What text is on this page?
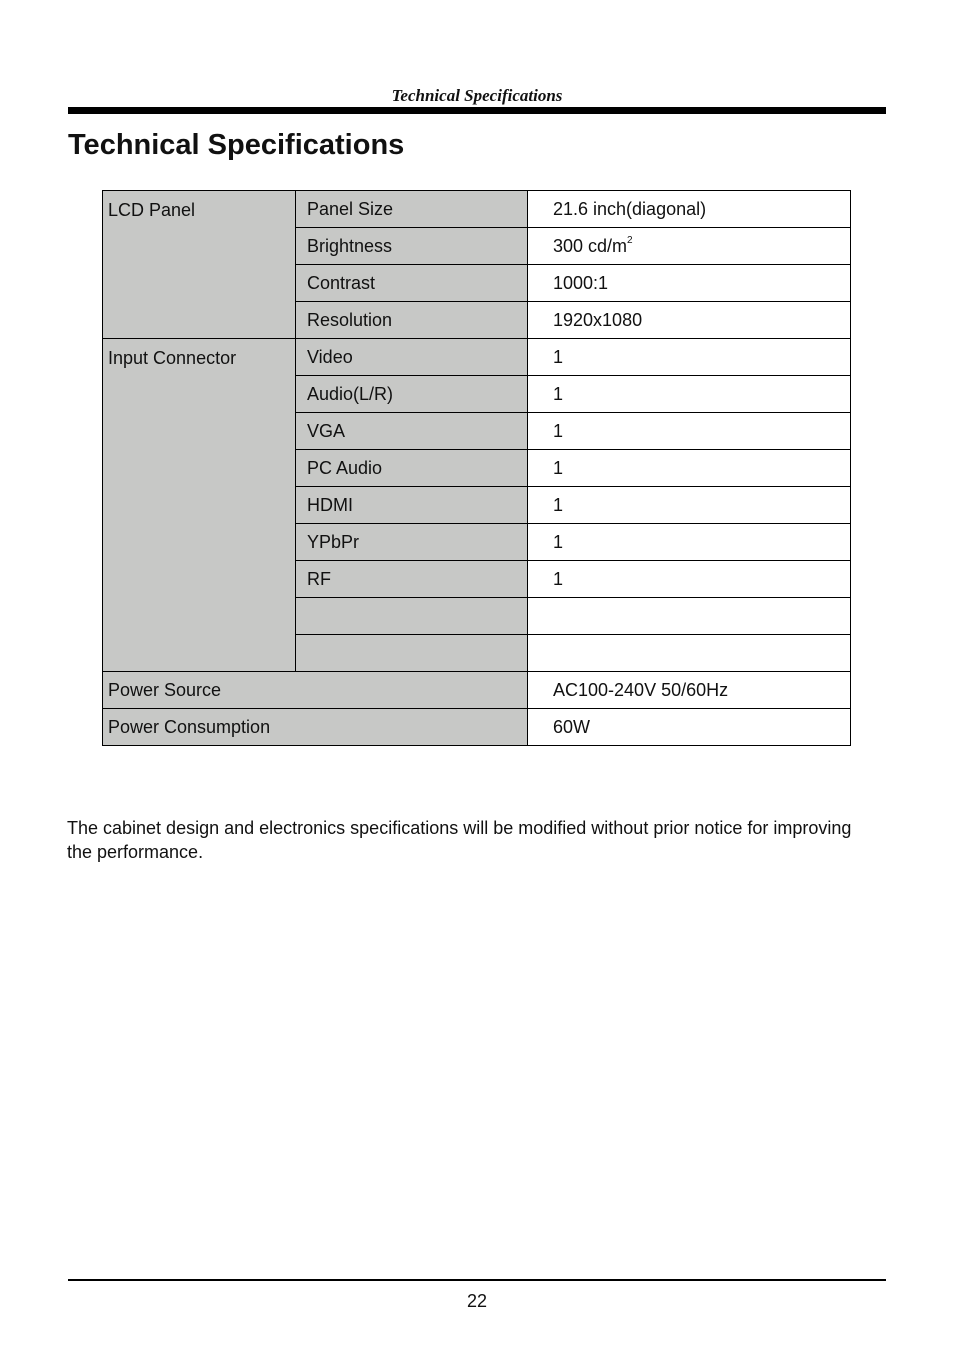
Technical Specifications
Technical Specifications
LCD Panel	Panel Size	21.6 inch(diagonal)
	Brightness	300 $cd/m^2$
	Contrast	1000:1
	Resolution	1920x1080
Input Connector	Video	1
	Audio(L/R)	1
	VGA	1
	PC Audio	1
	HDMI	1
	YPbPr	1
	RF	1

Power Source		AC100-240V 50/60Hz
Power Consumption		60W

The cabinet design and electronics specifications will be modified without prior notice for improving the performance.

22
